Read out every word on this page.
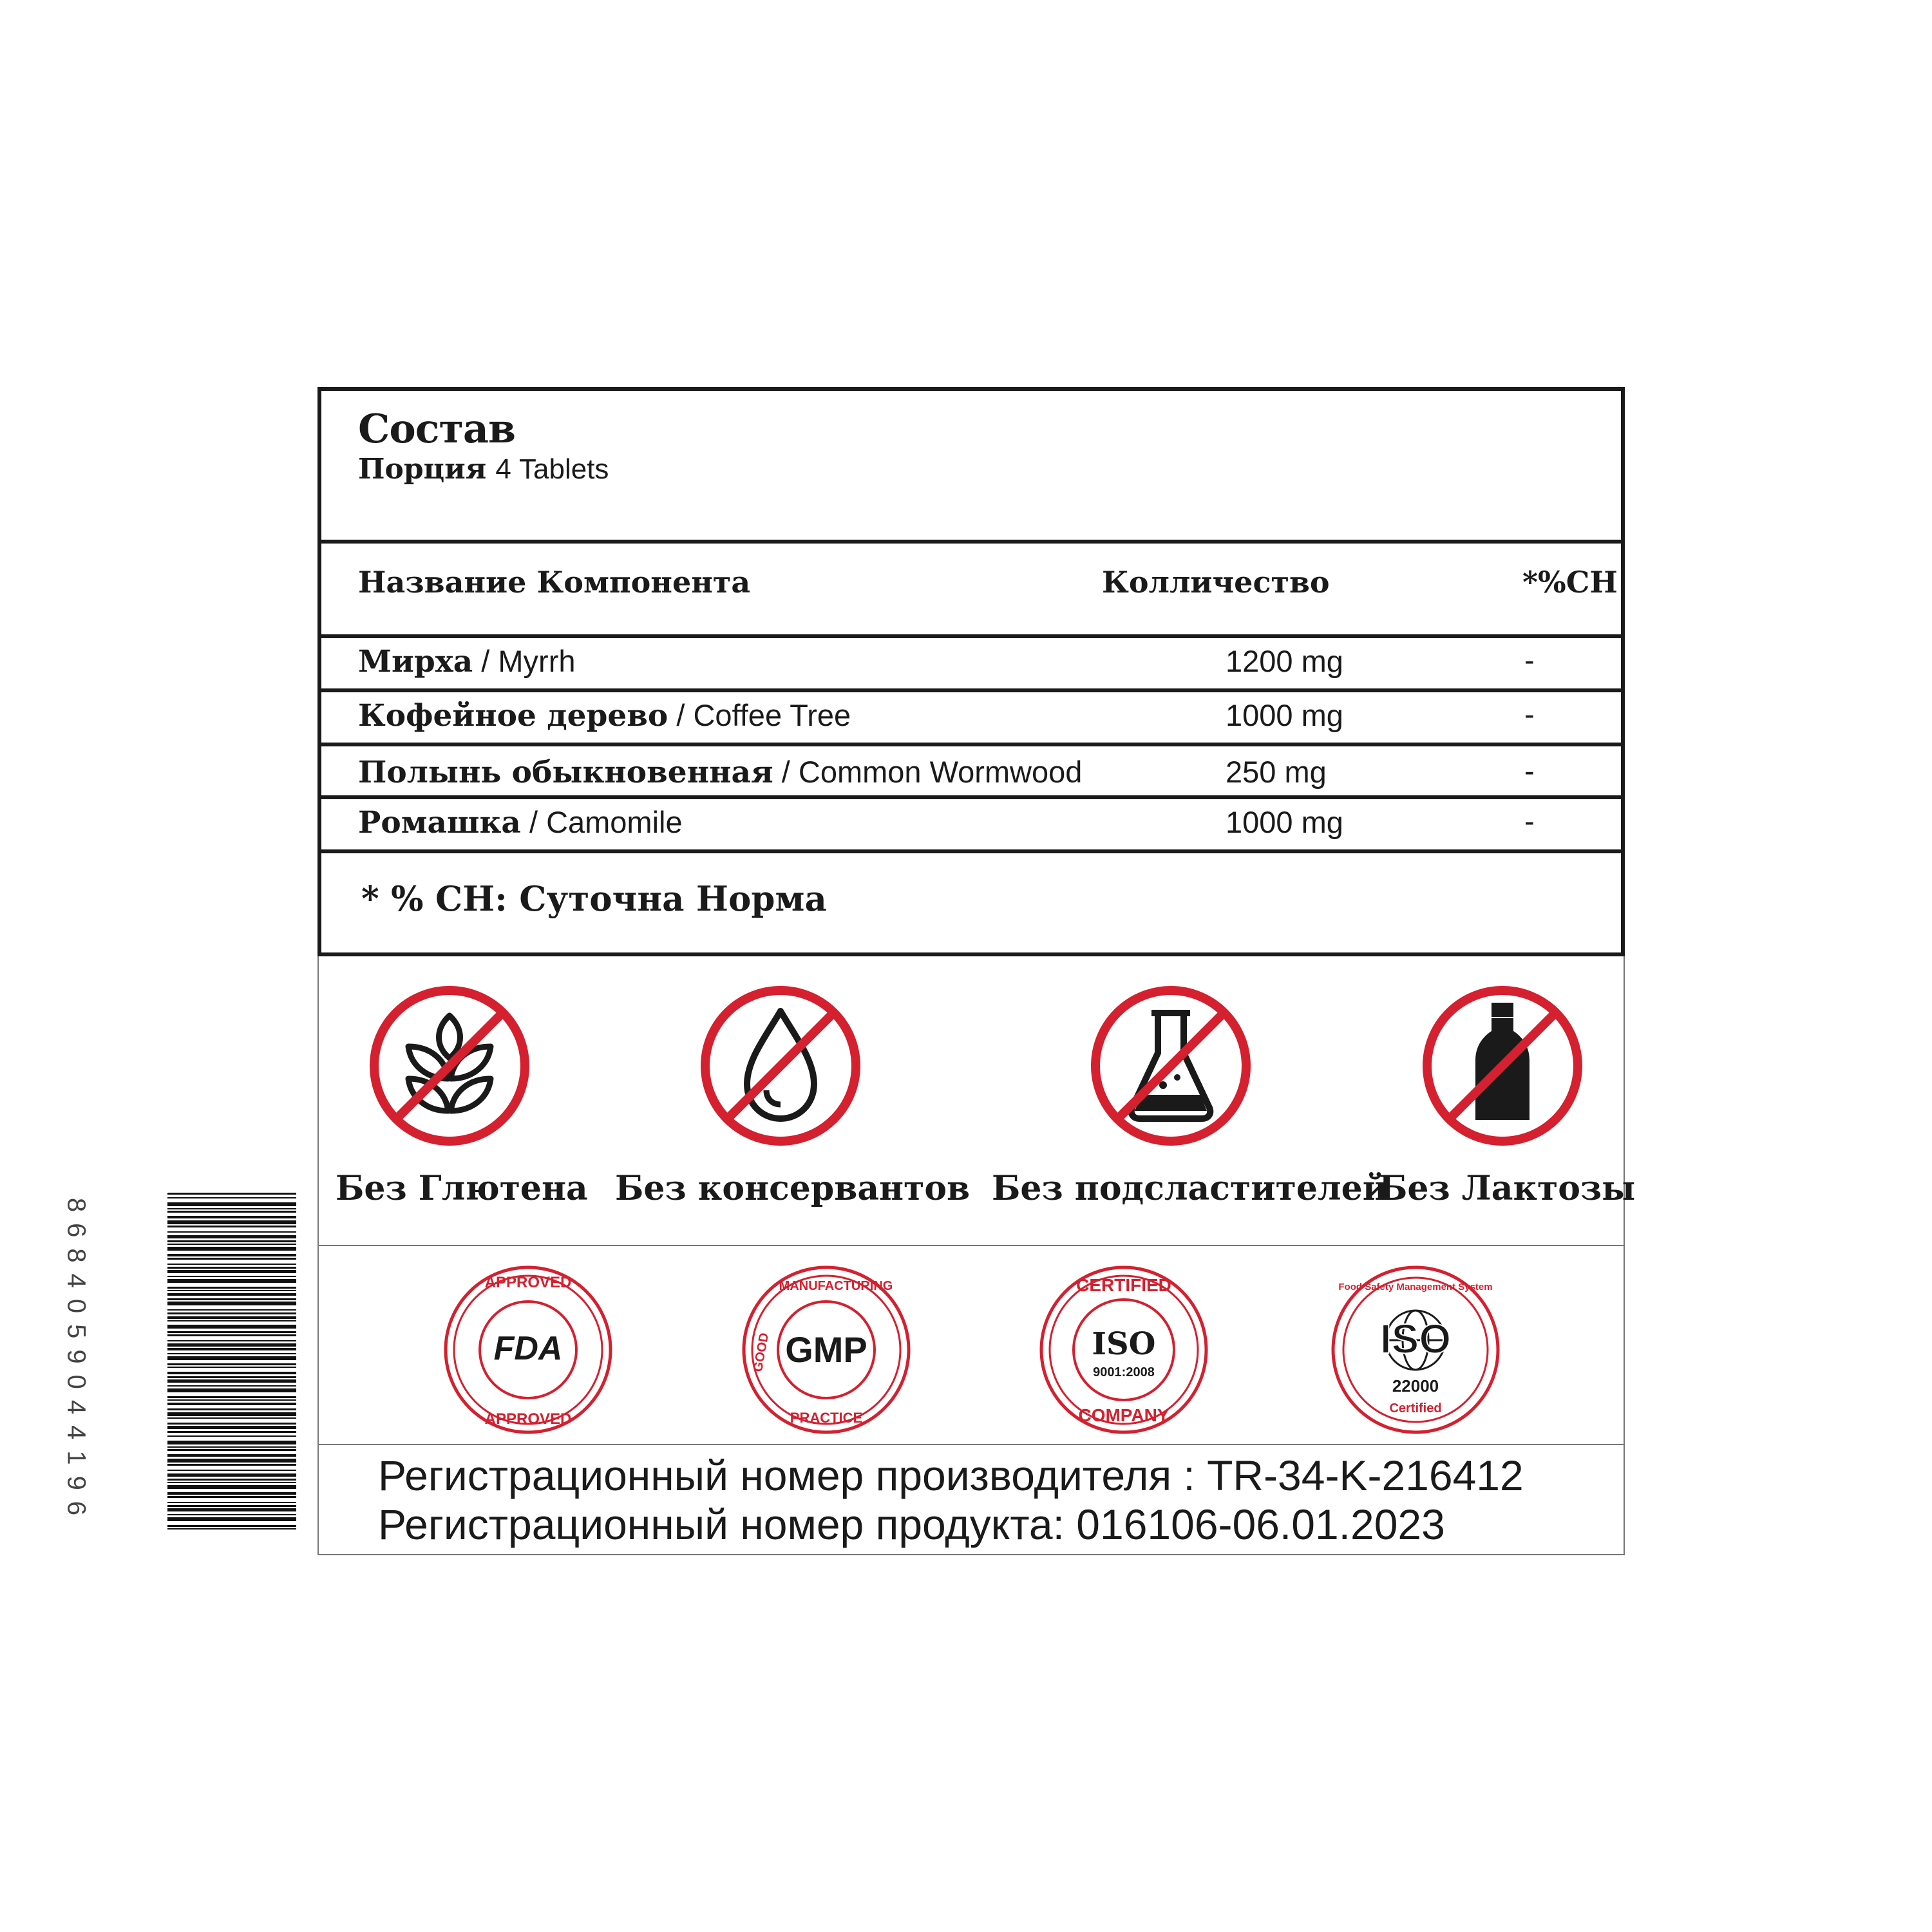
Состав
Порция 4 Tablets
Название Компонента	Колличество	*%CH
Мирха / Myrrh	1200 mg	-
Кофейное дерево / Coffee Tree	1000 mg	-
Полынь обыкновенная / Common Wormwood	250 mg	-
Ромашка / Camomile	1000 mg	-
* % CH: Суточна Норма
Без Глютена Без консервантов Без подсластителей
Без Лактозы
APPROVED
APPROVED
FDA
MANUFACTURING
GOOD
PRACTICE
GMP
CERTIFIED
COMPANY
ISO
9001:2008
Food Safety Management System
ISO
22000
Certified
Регистрационный номер производителя : TR-34-K-216412
Регистрационный номер продукта: 016106-06.01.2023
8684059044196
